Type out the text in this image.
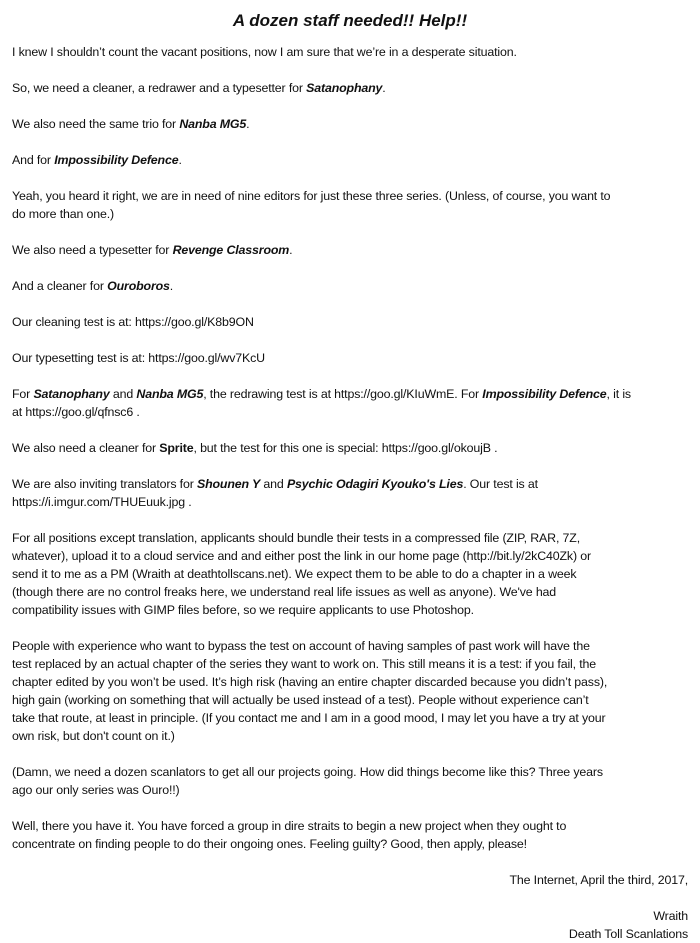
A dozen staff needed!! Help!!
I knew I shouldn’t count the vacant positions, now I am sure that we’re in a desperate situation.
So, we need a cleaner, a redrawer and a typesetter for Satanophany.
We also need the same trio for Nanba MG5.
And for Impossibility Defence.
Yeah, you heard it right, we are in need of nine editors for just these three series. (Unless, of course, you want to
do more than one.)
We also need a typesetter for Revenge Classroom.
And a cleaner for Ouroboros.
Our cleaning test is at: https://goo.gl/K8b9ON
Our typesetting test is at: https://goo.gl/wv7KcU
For Satanophany and Nanba MG5, the redrawing test is at https://goo.gl/KIuWmE. For Impossibility Defence, it is
at https://goo.gl/qfnsc6 .
We also need a cleaner for Sprite, but the test for this one is special: https://goo.gl/okoujB .
We are also inviting translators for Shounen Y and Psychic Odagiri Kyouko's Lies. Our test is at
https://i.imgur.com/THUEuuk.jpg .
For all positions except translation, applicants should bundle their tests in a compressed file (ZIP, RAR, 7Z,
whatever), upload it to a cloud service and and either post the link in our home page (http://bit.ly/2kC40Zk) or
send it to me as a PM (Wraith at deathtollscans.net). We expect them to be able to do a chapter in a week
(though there are no control freaks here, we understand real life issues as well as anyone). We've had
compatibility issues with GIMP files before, so we require applicants to use Photoshop.
People with experience who want to bypass the test on account of having samples of past work will have the
test replaced by an actual chapter of the series they want to work on. This still means it is a test: if you fail, the
chapter edited by you won’t be used. It’s high risk (having an entire chapter discarded because you didn’t pass),
high gain (working on something that will actually be used instead of a test). People without experience can’t
take that route, at least in principle. (If you contact me and I am in a good mood, I may let you have a try at your
own risk, but don't count on it.)
(Damn, we need a dozen scanlators to get all our projects going. How did things become like this? Three years
ago our only series was Ouro!!)
Well, there you have it. You have forced a group in dire straits to begin a new project when they ought to
concentrate on finding people to do their ongoing ones. Feeling guilty? Good, then apply, please!
The Internet, April the third, 2017,
Wraith
Death Toll Scanlations
